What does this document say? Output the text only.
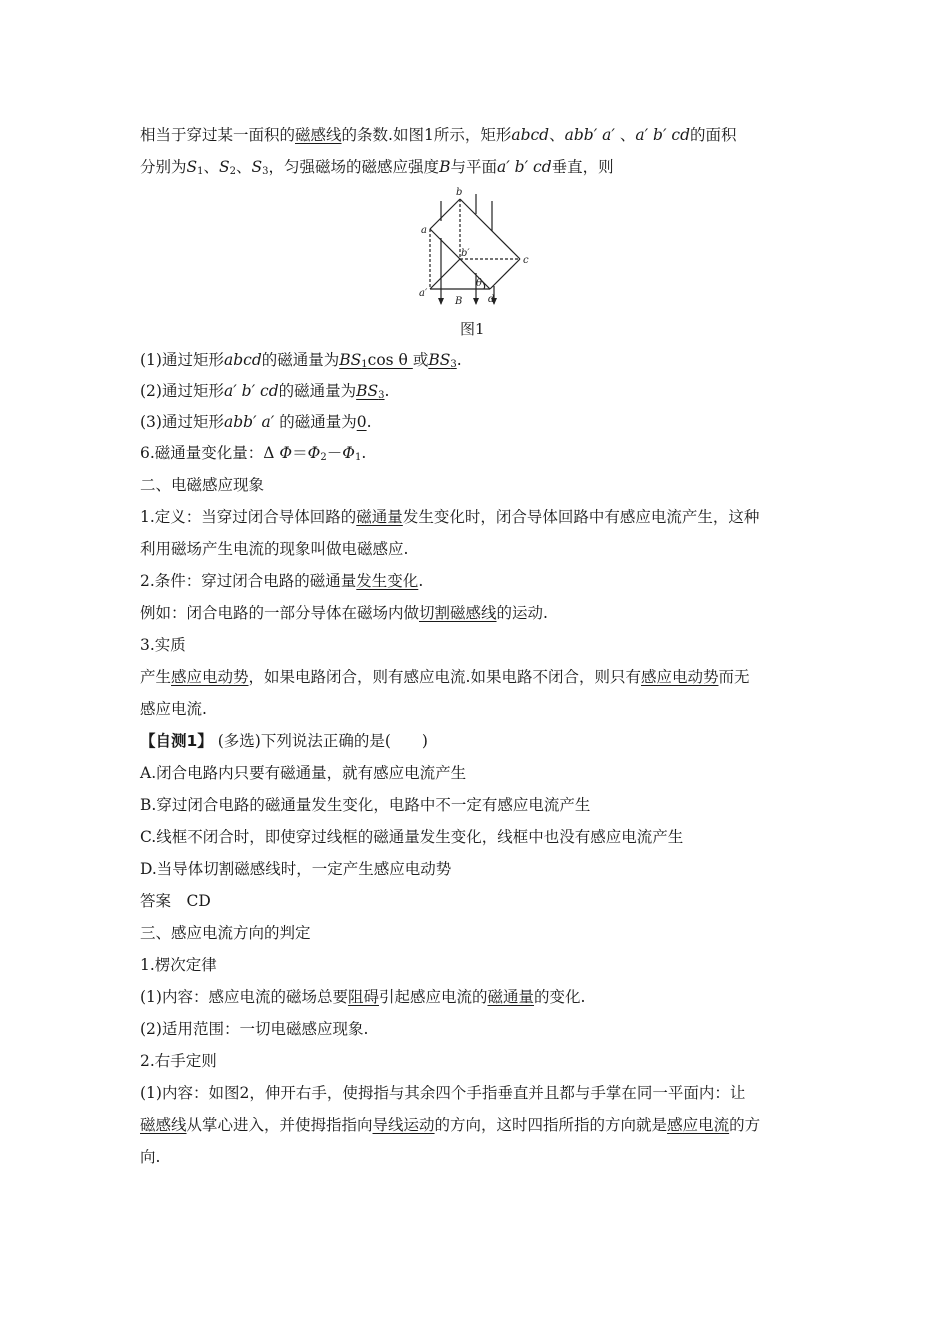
相当于穿过某一面积的磁感线的条数.如图1所示，矩形abcd、abb′ a′ 、a′ b′ cd的面积
分别为$S_1$、$S_2$、$S_3$，匀强磁场的磁感应强度B与平面a′ b′ cd垂直，则
a
b
b′
c
a′
B
θ
d
图1
(1)通过矩形abcd的磁通量为$BS_1\cos$ θ 或$BS_3$.
(2)通过矩形a′ b′ cd的磁通量为$BS_3$.
(3)通过矩形abb′ a′ 的磁通量为0.
6.磁通量变化量：Δ $\Phi=\Phi_2-\Phi_1$.
二、电磁感应现象
1.定义：当穿过闭合导体回路的磁通量发生变化时，闭合导体回路中有感应电流产生，这种
利用磁场产生电流的现象叫做电磁感应.
2.条件：穿过闭合电路的磁通量发生变化.
例如：闭合电路的一部分导体在磁场内做切割磁感线的运动.
3.实质
产生感应电动势，如果电路闭合，则有感应电流.如果电路不闭合，则只有感应电动势而无
感应电流.
【自测1】 (多选)下列说法正确的是(　　)
A.闭合电路内只要有磁通量，就有感应电流产生
B.穿过闭合电路的磁通量发生变化，电路中不一定有感应电流产生
C.线框不闭合时，即使穿过线框的磁通量发生变化，线框中也没有感应电流产生
D.当导体切割磁感线时，一定产生感应电动势
答案　CD
三、感应电流方向的判定
1.楞次定律
(1)内容：感应电流的磁场总要阻碍引起感应电流的磁通量的变化.
(2)适用范围：一切电磁感应现象.
2.右手定则
(1)内容：如图2，伸开右手，使拇指与其余四个手指垂直并且都与手掌在同一平面内：让
磁感线从掌心进入，并使拇指指向导线运动的方向，这时四指所指的方向就是感应电流的方
向.
